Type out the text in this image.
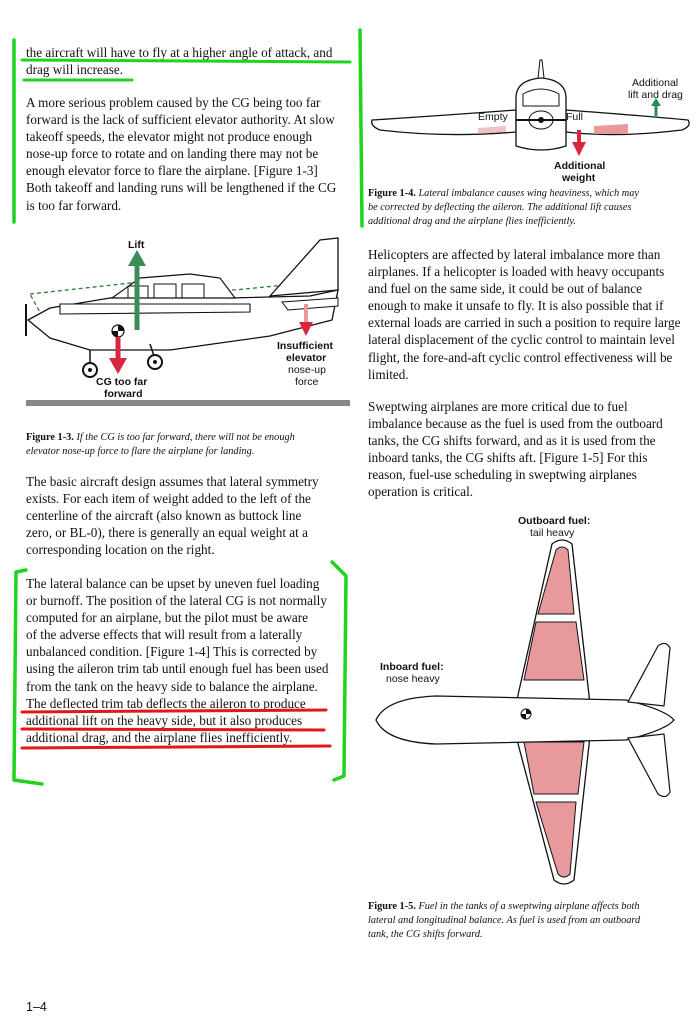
the aircraft will have to fly at a higher angle of attack, and
drag will increase.
A more serious problem caused by the CG being too far
forward is the lack of sufficient elevator authority. At slow
takeoff speeds, the elevator might not produce enough
nose-up force to rotate and on landing there may not be
enough elevator force to flare the airplane. [Figure 1-3]
Both takeoff and landing runs will be lengthened if the CG
is too far forward.
Lift
CG too far
forward
Insufficient
elevator
nose-up
force
Figure 1-3. If the CG is too far forward, there will not be enough
elevator nose-up force to flare the airplane for landing.
The basic aircraft design assumes that lateral symmetry
exists. For each item of weight added to the left of the
centerline of the aircraft (also known as buttock line
zero, or BL-0), there is generally an equal weight at a
corresponding location on the right.
The lateral balance can be upset by uneven fuel loading
or burnoff. The position of the lateral CG is not normally
computed for an airplane, but the pilot must be aware
of the adverse effects that will result from a laterally
unbalanced condition. [Figure 1-4] This is corrected by
using the aileron trim tab until enough fuel has been used
from the tank on the heavy side to balance the airplane.
The deflected trim tab deflects the aileron to produce
additional lift on the heavy side, but it also produces
additional drag, and the airplane flies inefficiently.
Empty	Full
Additional
lift and drag
Additional
weight
Figure 1-4. Lateral imbalance causes wing heaviness, which may
be corrected by deflecting the aileron. The additional lift causes
additional drag and the airplane flies inefficiently.
Helicopters are affected by lateral imbalance more than
airplanes. If a helicopter is loaded with heavy occupants
and fuel on the same side, it could be out of balance
enough to make it unsafe to fly. It is also possible that if
external loads are carried in such a position to require large
lateral displacement of the cyclic control to maintain level
flight, the fore-and-aft cyclic control effectiveness will be
limited.
Sweptwing airplanes are more critical due to fuel
imbalance because as the fuel is used from the outboard
tanks, the CG shifts forward, and as it is used from the
inboard tanks, the CG shifts aft. [Figure 1-5] For this
reason, fuel-use scheduling in sweptwing airplanes
operation is critical.
Outboard fuel:
tail heavy
Inboard fuel:
nose heavy
Figure 1-5. Fuel in the tanks of a sweptwing airplane affects both
lateral and longitudinal balance. As fuel is used from an outboard
tank, the CG shifts forward.
1–4
